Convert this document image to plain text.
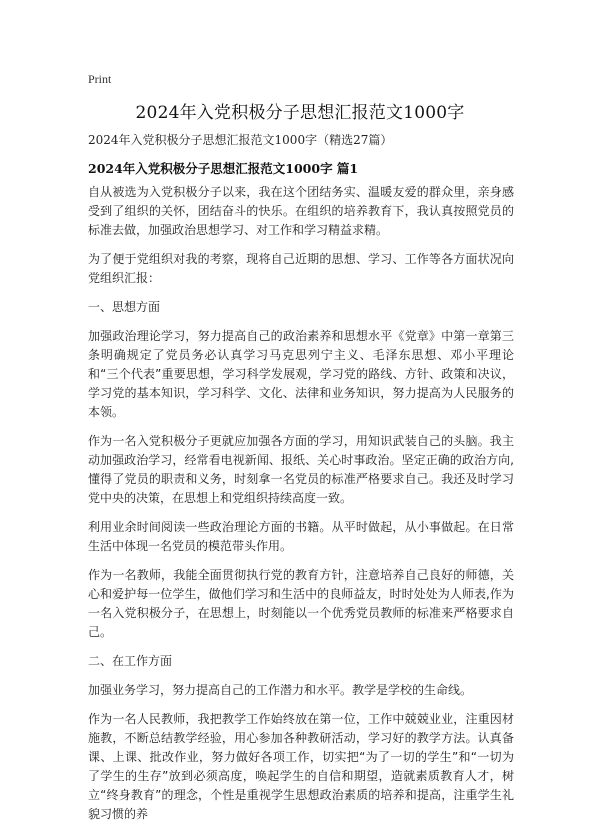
Print
2024年入党积极分子思想汇报范文1000字
2024年入党积极分子思想汇报范文1000字（精选27篇）
2024年入党积极分子思想汇报范文1000字 篇1

自从被选为入党积极分子以来，我在这个团结务实、温暖友爱的群众里，亲身感受到了组织的关怀，团结奋斗的快乐。在组织的培养教育下，我认真按照党员的标准去做，加强政治思想学习、对工作和学习精益求精。

为了便于党组织对我的考察，现将自己近期的思想、学习、工作等各方面状况向党组织汇报：

一、思想方面

加强政治理论学习，努力提高自己的政治素养和思想水平《党章》中第一章第三条明确规定了党员务必认真学习马克思列宁主义、毛泽东思想、邓小平理论和“三个代表”重要思想，学习科学发展观，学习党的路线、方针、政策和决议，学习党的基本知识，学习科学、文化、法律和业务知识，努力提高为人民服务的本领。

作为一名入党积极分子更就应加强各方面的学习，用知识武装自己的头脑。我主动加强政治学习，经常看电视新闻、报纸、关心时事政治。坚定正确的政治方向,懂得了党员的职责和义务，时刻拿一名党员的标准严格要求自己。我还及时学习党中央的决策，在思想上和党组织持续高度一致。

利用业余时间阅读一些政治理论方面的书籍。从平时做起，从小事做起。在日常生活中体现一名党员的模范带头作用。

作为一名教师，我能全面贯彻执行党的教育方针，注意培养自己良好的师德，关心和爱护每一位学生，做他们学习和生活中的良师益友，时时处处为人师表,作为一名入党积极分子，在思想上，时刻能以一个优秀党员教师的标准来严格要求自己。

二、在工作方面

加强业务学习，努力提高自己的工作潜力和水平。教学是学校的生命线。

作为一名人民教师，我把教学工作始终放在第一位，工作中兢兢业业，注重因材施教，不断总结教学经验，用心参加各种教研活动，学习好的教学方法。认真备课、上课、批改作业，努力做好各项工作，切实把“为了一切的学生”和“一切为了学生的生存”放到必须高度，唤起学生的自信和期望，造就素质教育人才，树立“终身教育”的理念，个性是重视学生思想政治素质的培养和提高，注重学生礼貌习惯的养
